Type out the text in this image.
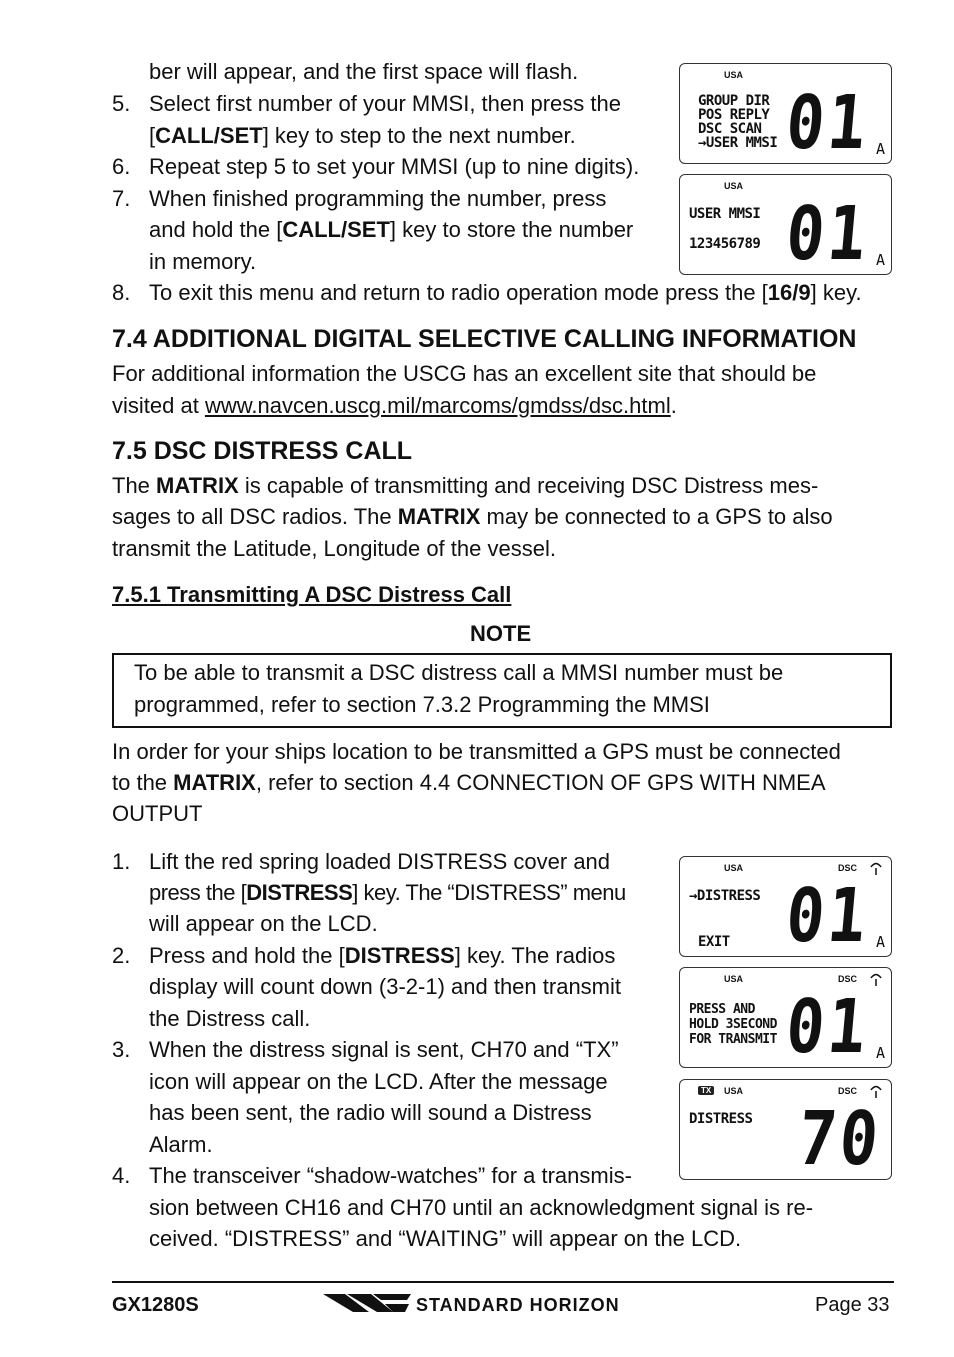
ber will appear, and the first space will flash.
5. Select first number of your MMSI, then press the
[CALL/SET] key to step to the next number.
6. Repeat step 5 to set your MMSI (up to nine digits).
7. When finished programming the number, press
and hold the [CALL/SET] key to store the number
in memory.
8. To exit this menu and return to radio operation mode press the [16/9] key.
USA
GROUP DIR
POS REPLY
DSC SCAN
→USER MMSI 01 A
USA
USER MMSI
123456789 01 A
7.4 ADDITIONAL DIGITAL SELECTIVE CALLING INFORMATION
For additional information the USCG has an excellent site that should be
visited at www.navcen.uscg.mil/marcoms/gmdss/dsc.html.
7.5 DSC DISTRESS CALL
The MATRIX is capable of transmitting and receiving DSC Distress mes-
sages to all DSC radios. The MATRIX may be connected to a GPS to also
transmit the Latitude, Longitude of the vessel.
7.5.1 Transmitting A DSC Distress Call
NOTE
To be able to transmit a DSC distress call a MMSI number must be
programmed, refer to section 7.3.2 Programming the MMSI
In order for your ships location to be transmitted a GPS must be connected
to the MATRIX, refer to section 4.4 CONNECTION OF GPS WITH NMEA
OUTPUT
1. Lift the red spring loaded DISTRESS cover and
press the [DISTRESS] key. The “DISTRESS” menu
will appear on the LCD.
2. Press and hold the [DISTRESS] key. The radios
display will count down (3-2-1) and then transmit
the Distress call.
3. When the distress signal is sent, CH70 and “TX”
icon will appear on the LCD. After the message
has been sent, the radio will sound a Distress
Alarm.
4. The transceiver “shadow-watches” for a transmis-
sion between CH16 and CH70 until an acknowledgment signal is re-
ceived. “DISTRESS” and “WAITING” will appear on the LCD.
USA	DSC
→DISTRESS
EXIT 01 A
USA	DSC
PRESS AND
HOLD 3SECOND
FOR TRANSMIT 01 A
TX	USA	DSC
DISTRESS 70
GX1280S	STANDARD HORIZON	Page 33
